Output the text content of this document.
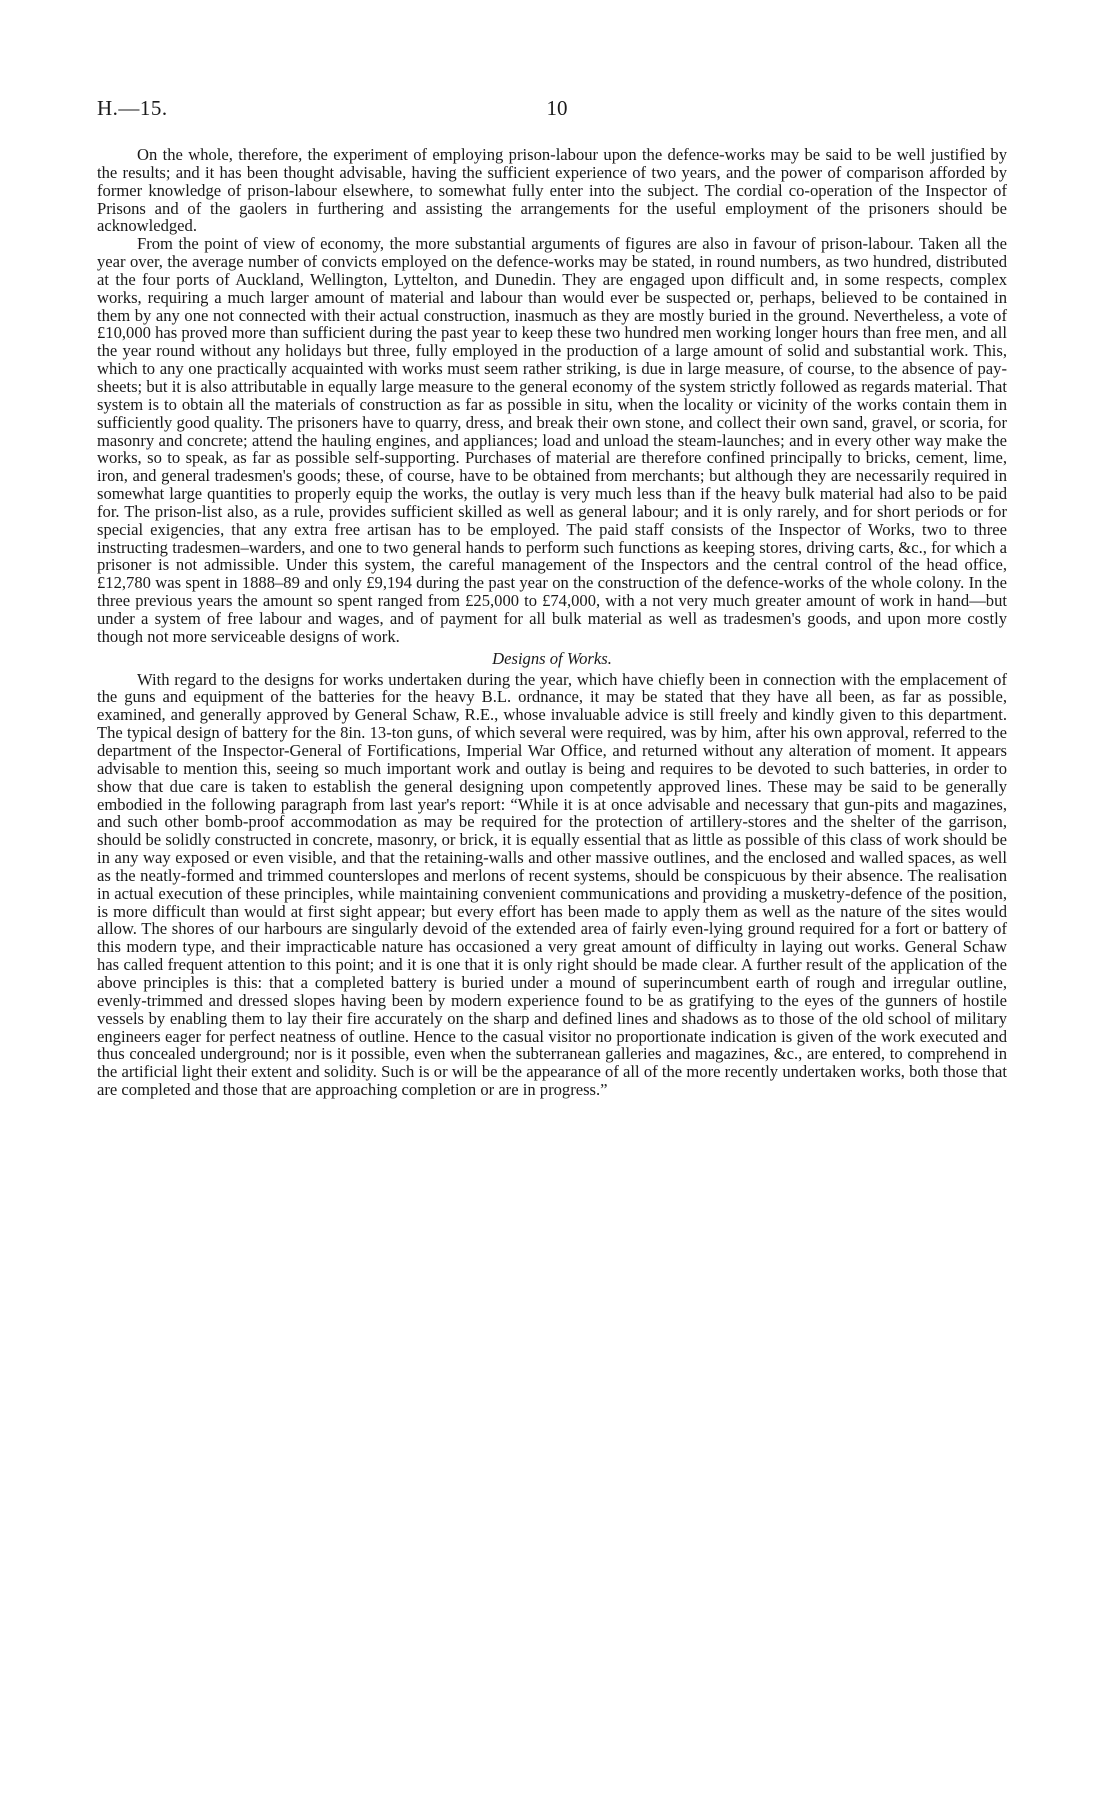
H.—15.	10

On the whole, therefore, the experiment of employing prison-labour upon the defence-works may be said to be well justified by the results; and it has been thought advisable, having the sufficient experience of two years, and the power of comparison afforded by former knowledge of prison-labour elsewhere, to somewhat fully enter into the subject. The cordial co-operation of the Inspector of Prisons and of the gaolers in furthering and assisting the arrangements for the useful employment of the prisoners should be acknowledged.

From the point of view of economy, the more substantial arguments of figures are also in favour of prison-labour. Taken all the year over, the average number of convicts employed on the defence-works may be stated, in round numbers, as two hundred, distributed at the four ports of Auckland, Wellington, Lyttelton, and Dunedin. They are engaged upon difficult and, in some respects, complex works, requiring a much larger amount of material and labour than would ever be suspected or, perhaps, believed to be contained in them by any one not connected with their actual construction, inasmuch as they are mostly buried in the ground. Nevertheless, a vote of £10,000 has proved more than sufficient during the past year to keep these two hundred men working longer hours than free men, and all the year round without any holidays but three, fully employed in the production of a large amount of solid and substantial work. This, which to any one practically acquainted with works must seem rather striking, is due in large measure, of course, to the absence of pay-sheets; but it is also attributable in equally large measure to the general economy of the system strictly followed as regards material. That system is to obtain all the materials of construction as far as possible in situ, when the locality or vicinity of the works contain them in sufficiently good quality. The prisoners have to quarry, dress, and break their own stone, and collect their own sand, gravel, or scoria, for masonry and concrete; attend the hauling engines, and appliances; load and unload the steam-launches; and in every other way make the works, so to speak, as far as possible self-supporting. Purchases of material are therefore confined principally to bricks, cement, lime, iron, and general tradesmen's goods; these, of course, have to be obtained from merchants; but although they are necessarily required in somewhat large quantities to properly equip the works, the outlay is very much less than if the heavy bulk material had also to be paid for. The prison-list also, as a rule, provides sufficient skilled as well as general labour; and it is only rarely, and for short periods or for special exigencies, that any extra free artisan has to be employed. The paid staff consists of the Inspector of Works, two to three instructing tradesmen–warders, and one to two general hands to perform such functions as keeping stores, driving carts, &c., for which a prisoner is not admissible. Under this system, the careful management of the Inspectors and the central control of the head office, £12,780 was spent in 1888–89 and only £9,194 during the past year on the construction of the defence-works of the whole colony. In the three previous years the amount so spent ranged from £25,000 to £74,000, with a not very much greater amount of work in hand—but under a system of free labour and wages, and of payment for all bulk material as well as tradesmen's goods, and upon more costly though not more serviceable designs of work.

Designs of Works.

With regard to the designs for works undertaken during the year, which have chiefly been in connection with the emplacement of the guns and equipment of the batteries for the heavy B.L. ordnance, it may be stated that they have all been, as far as possible, examined, and generally approved by General Schaw, R.E., whose invaluable advice is still freely and kindly given to this department. The typical design of battery for the 8in. 13-ton guns, of which several were required, was by him, after his own approval, referred to the department of the Inspector-General of Fortifications, Imperial War Office, and returned without any alteration of moment. It appears advisable to mention this, seeing so much important work and outlay is being and requires to be devoted to such batteries, in order to show that due care is taken to establish the general designing upon competently approved lines. These may be said to be generally embodied in the following paragraph from last year's report: “While it is at once advisable and necessary that gun-pits and magazines, and such other bomb-proof accommodation as may be required for the protection of artillery-stores and the shelter of the garrison, should be solidly constructed in concrete, masonry, or brick, it is equally essential that as little as possible of this class of work should be in any way exposed or even visible, and that the retaining-walls and other massive outlines, and the enclosed and walled spaces, as well as the neatly-formed and trimmed counterslopes and merlons of recent systems, should be conspicuous by their absence. The realisation in actual execution of these principles, while maintaining convenient communications and providing a musketry-defence of the position, is more difficult than would at first sight appear; but every effort has been made to apply them as well as the nature of the sites would allow. The shores of our harbours are singularly devoid of the extended area of fairly even-lying ground required for a fort or battery of this modern type, and their impracticable nature has occasioned a very great amount of difficulty in laying out works. General Schaw has called frequent attention to this point; and it is one that it is only right should be made clear. A further result of the application of the above principles is this: that a completed battery is buried under a mound of superincumbent earth of rough and irregular outline, evenly-trimmed and dressed slopes having been by modern experience found to be as gratifying to the eyes of the gunners of hostile vessels by enabling them to lay their fire accurately on the sharp and defined lines and shadows as to those of the old school of military engineers eager for perfect neatness of outline. Hence to the casual visitor no proportionate indication is given of the work executed and thus concealed underground; nor is it possible, even when the subterranean galleries and magazines, &c., are entered, to comprehend in the artificial light their extent and solidity. Such is or will be the appearance of all of the more recently undertaken works, both those that are completed and those that are approaching completion or are in progress.”
